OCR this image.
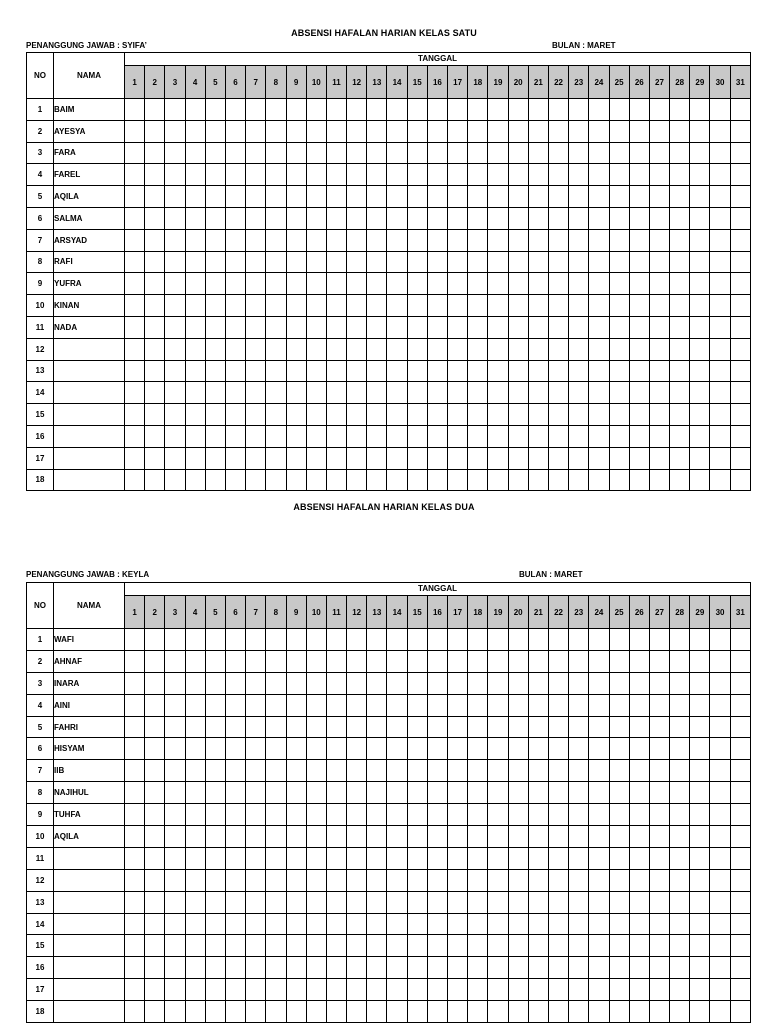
ABSENSI HAFALAN HARIAN KELAS SATU
PENANGGUNG JAWAB : SYIFA’	BULAN : MARET
NO	NAMA	TANGGAL																														
		1	2	3	4	5	6	7	8	9	10	11	12	13	14	15	16	17	18	19	20	21	22	23	24	25	26	27	28	29	30	31
1	BAIM																															
2	AYESYA																															
3	FARA																															
4	FAREL																															
5	AQILA																															
6	SALMA																															
7	ARSYAD																															
8	RAFI																															
9	YUFRA																															
10	KINAN																															
11	NADA																															
12																																
13																																
14																																
15																																
16																																
17																																
18																																
ABSENSI HAFALAN HARIAN KELAS DUA
PENANGGUNG JAWAB : KEYLA	BULAN : MARET
NO	NAMA	TANGGAL																														
		1	2	3	4	5	6	7	8	9	10	11	12	13	14	15	16	17	18	19	20	21	22	23	24	25	26	27	28	29	30	31
1	WAFI																															
2	AHNAF																															
3	INARA																															
4	AINI																															
5	FAHRI																															
6	HISYAM																															
7	IIB																															
8	NAJIHUL																															
9	TUHFA																															
10	AQILA																															
11																																
12																																
13																																
14																																
15																																
16																																
17																																
18																																
